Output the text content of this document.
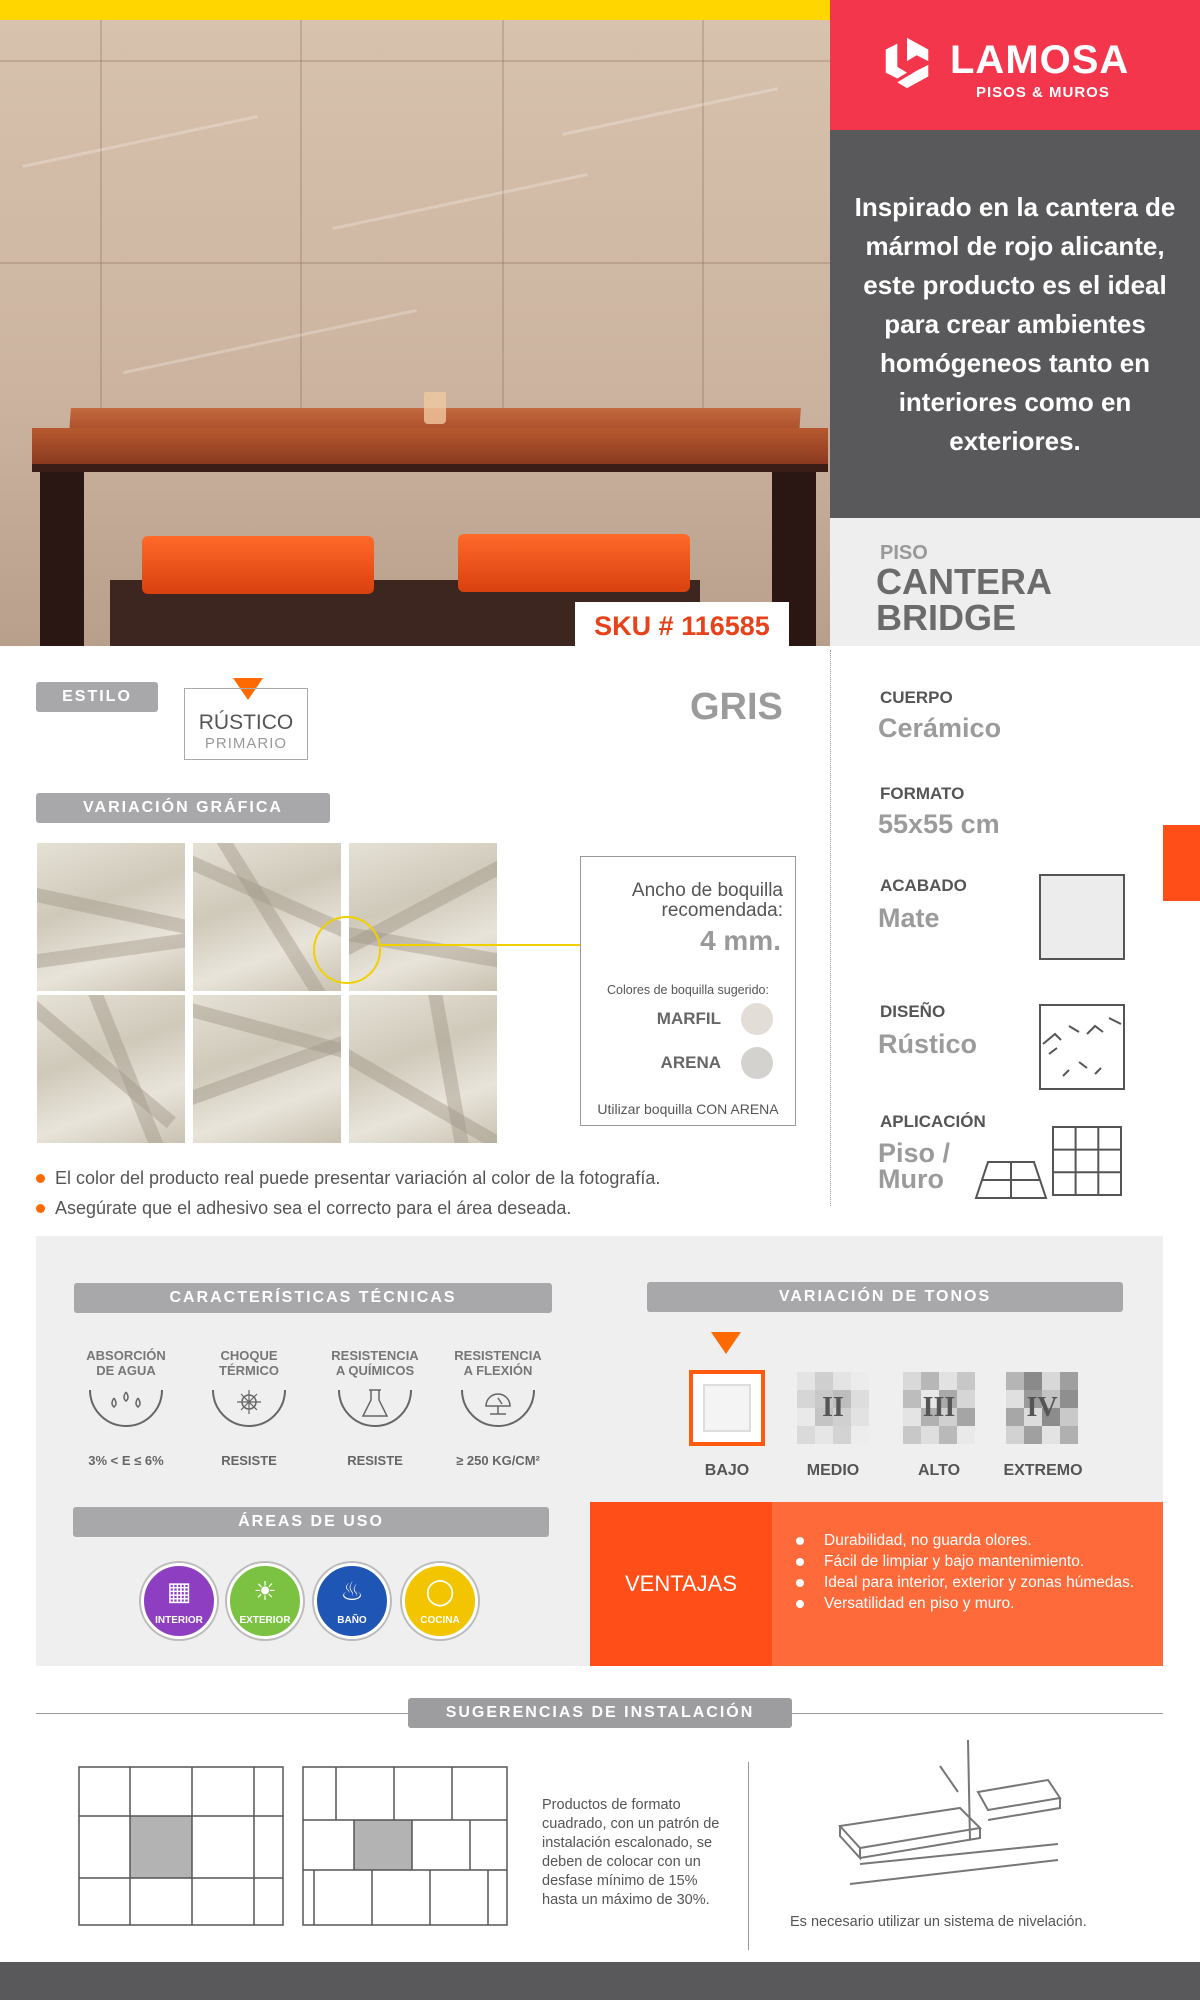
SKU # 116585
LAMOSA
PISOS & MUROS

Inspirado en la cantera de mármol de rojo alicante, este producto es el ideal para crear ambientes homógeneos tanto en interiores como en exteriores.

PISO
CANTERA
BRIDGE
ESTILO
RÚSTICO
PRIMARIO
GRIS
VARIACIÓN GRÁFICA
Ancho de boquilla
recomendada:
4 mm.
Colores de boquilla sugerido:
MARFIL
ARENA
Utilizar boquilla CON ARENA
El color del producto real puede presentar variación al color de la fotografía.
Asegúrate que el adhesivo sea el correcto para el área deseada.
CUERPO
Cerámico
FORMATO
55x55 cm
ACABADO
Mate
DISEÑO
Rústico
APLICACIÓN
Piso /
Muro
CARACTERÍSTICAS TÉCNICAS
ABSORCIÓN
DE AGUA
3% < E ≤ 6%
CHOQUE
TÉRMICO
RESISTE
RESISTENCIA
A QUÍMICOS
RESISTE
RESISTENCIA
A FLEXIÓN
≥ 250 KG/CM²
VARIACIÓN DE TONOS
BAJO
II
MEDIO
III
ALTO
IV
EXTREMO
ÁREAS DE USO
▦
INTERIOR
☀
EXTERIOR
♨
BAÑO
◯
COCINA
VENTAJAS
Durabilidad, no guarda olores.
Fácil de limpiar y bajo mantenimiento.
Ideal para interior, exterior y zonas húmedas.
Versatilidad en piso y muro.
SUGERENCIAS DE INSTALACIÓN
Productos de formato cuadrado, con un patrón de instalación escalonado, se deben de colocar con un desfase mínimo de 15% hasta un máximo de 30%.
Es necesario utilizar un sistema de nivelación.
